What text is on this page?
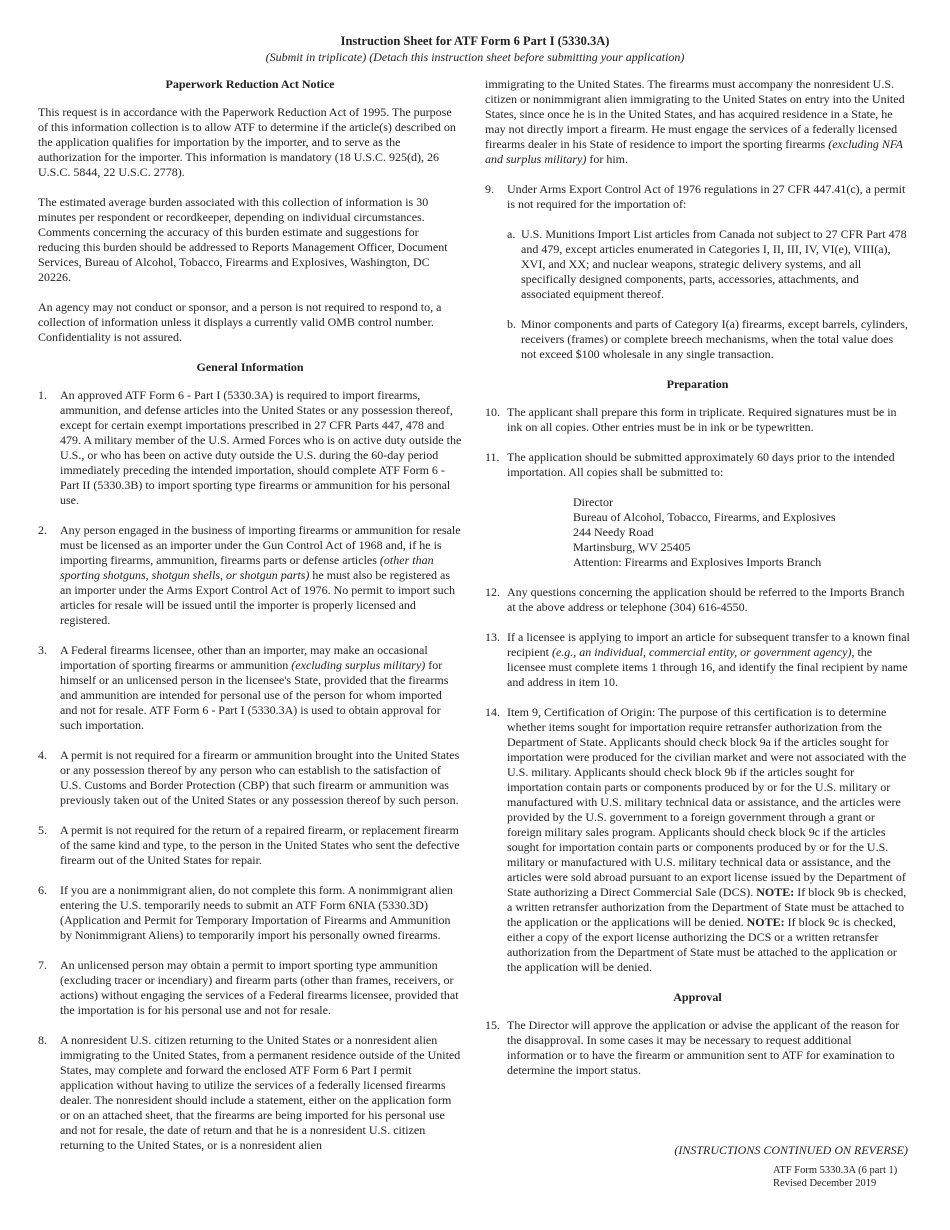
Instruction Sheet for ATF Form 6 Part I (5330.3A)
(Submit in triplicate) (Detach this instruction sheet before submitting your application)
Paperwork Reduction Act Notice

This request is in accordance with the Paperwork Reduction Act of 1995. The purpose of this information collection is to allow ATF to determine if the article(s) described on the application qualifies for importation by the importer, and to serve as the authorization for the importer. This information is mandatory (18 U.S.C. 925(d), 26 U.S.C. 5844, 22 U.S.C. 2778).

The estimated average burden associated with this collection of information is 30 minutes per respondent or recordkeeper, depending on individual circumstances. Comments concerning the accuracy of this burden estimate and suggestions for reducing this burden should be addressed to Reports Management Officer, Document Services, Bureau of Alcohol, Tobacco, Firearms and Explosives, Washington, DC 20226.

An agency may not conduct or sponsor, and a person is not required to respond to, a collection of information unless it displays a currently valid OMB control number. Confidentiality is not assured.

General Information
1. An approved ATF Form 6 - Part I (5330.3A) is required to import firearms, ammunition, and defense articles into the United States or any possession thereof, except for certain exempt importations prescribed in 27 CFR Parts 447, 478 and 479. A military member of the U.S. Armed Forces who is on active duty outside the U.S., or who has been on active duty outside the U.S. during the 60-day period immediately preceding the intended importation, should complete ATF Form 6 - Part II (5330.3B) to import sporting type firearms or ammunition for his personal use.
2. Any person engaged in the business of importing firearms or ammunition for resale must be licensed as an importer under the Gun Control Act of 1968 and, if he is importing firearms, ammunition, firearms parts or defense articles (other than sporting shotguns, shotgun shells, or shotgun parts) he must also be registered as an importer under the Arms Export Control Act of 1976. No permit to import such articles for resale will be issued until the importer is properly licensed and registered.
3. A Federal firearms licensee, other than an importer, may make an occasional importation of sporting firearms or ammunition (excluding surplus military) for himself or an unlicensed person in the licensee's State, provided that the firearms and ammunition are intended for personal use of the person for whom imported and not for resale. ATF Form 6 - Part I (5330.3A) is used to obtain approval for such importation.
4. A permit is not required for a firearm or ammunition brought into the United States or any possession thereof by any person who can establish to the satisfaction of U.S. Customs and Border Protection (CBP) that such firearm or ammunition was previously taken out of the United States or any possession thereof by such person.
5. A permit is not required for the return of a repaired firearm, or replacement firearm of the same kind and type, to the person in the United States who sent the defective firearm out of the United States for repair.
6. If you are a nonimmigrant alien, do not complete this form. A nonimmigrant alien entering the U.S. temporarily needs to submit an ATF Form 6NIA (5330.3D) (Application and Permit for Temporary Importation of Firearms and Ammunition by Nonimmigrant Aliens) to temporarily import his personally owned firearms.
7. An unlicensed person may obtain a permit to import sporting type ammunition (excluding tracer or incendiary) and firearm parts (other than frames, receivers, or actions) without engaging the services of a Federal firearms licensee, provided that the importation is for his personal use and not for resale.
8. A nonresident U.S. citizen returning to the United States or a nonresident alien immigrating to the United States, from a permanent residence outside of the United States, may complete and forward the enclosed ATF Form 6 Part I permit application without having to utilize the services of a federally licensed firearms dealer. The nonresident should include a statement, either on the application form or on an attached sheet, that the firearms are being imported for his personal use and not for resale, the date of return and that he is a nonresident U.S. citizen returning to the United States, or is a nonresident alien

immigrating to the United States. The firearms must accompany the nonresident U.S. citizen or nonimmigrant alien immigrating to the United States on entry into the United States, since once he is in the United States, and has acquired residence in a State, he may not directly import a firearm. He must engage the services of a federally licensed firearms dealer in his State of residence to import the sporting firearms (excluding NFA and surplus military) for him.

9. Under Arms Export Control Act of 1976 regulations in 27 CFR 447.41(c), a permit is not required for the importation of:
a. U.S. Munitions Import List articles from Canada not subject to 27 CFR Part 478 and 479, except articles enumerated in Categories I, II, III, IV, VI(e), VIII(a), XVI, and XX; and nuclear weapons, strategic delivery systems, and all specifically designed components, parts, accessories, attachments, and associated equipment thereof.
b. Minor components and parts of Category I(a) firearms, except barrels, cylinders, receivers (frames) or complete breech mechanisms, when the total value does not exceed $100 wholesale in any single transaction.
Preparation
10. The applicant shall prepare this form in triplicate. Required signatures must be in ink on all copies. Other entries must be in ink or be typewritten.
11. The application should be submitted approximately 60 days prior to the intended importation. All copies shall be submitted to:
Director
Bureau of Alcohol, Tobacco, Firearms, and Explosives
244 Needy Road
Martinsburg, WV 25405
Attention: Firearms and Explosives Imports Branch
12. Any questions concerning the application should be referred to the Imports Branch at the above address or telephone (304) 616-4550.
13. If a licensee is applying to import an article for subsequent transfer to a known final recipient (e.g., an individual, commercial entity, or government agency), the licensee must complete items 1 through 16, and identify the final recipient by name and address in item 10.
14. Item 9, Certification of Origin: The purpose of this certification is to determine whether items sought for importation require retransfer authorization from the Department of State. Applicants should check block 9a if the articles sought for importation were produced for the civilian market and were not associated with the U.S. military. Applicants should check block 9b if the articles sought for importation contain parts or components produced by or for the U.S. military or manufactured with U.S. military technical data or assistance, and the articles were provided by the U.S. government to a foreign government through a grant or foreign military sales program. Applicants should check block 9c if the articles sought for importation contain parts or components produced by or for the U.S. military or manufactured with U.S. military technical data or assistance, and the articles were sold abroad pursuant to an export license issued by the Department of State authorizing a Direct Commercial Sale (DCS). NOTE: If block 9b is checked, a written retransfer authorization from the Department of State must be attached to the application or the applications will be denied. NOTE: If block 9c is checked, either a copy of the export license authorizing the DCS or a written retransfer authorization from the Department of State must be attached to the application or the application will be denied.
Approval
15. The Director will approve the application or advise the applicant of the reason for the disapproval. In some cases it may be necessary to request additional information or to have the firearm or ammunition sent to ATF for examination to determine the import status.
(INSTRUCTIONS CONTINUED ON REVERSE)
ATF Form 5330.3A (6 part 1)
Revised December 2019
